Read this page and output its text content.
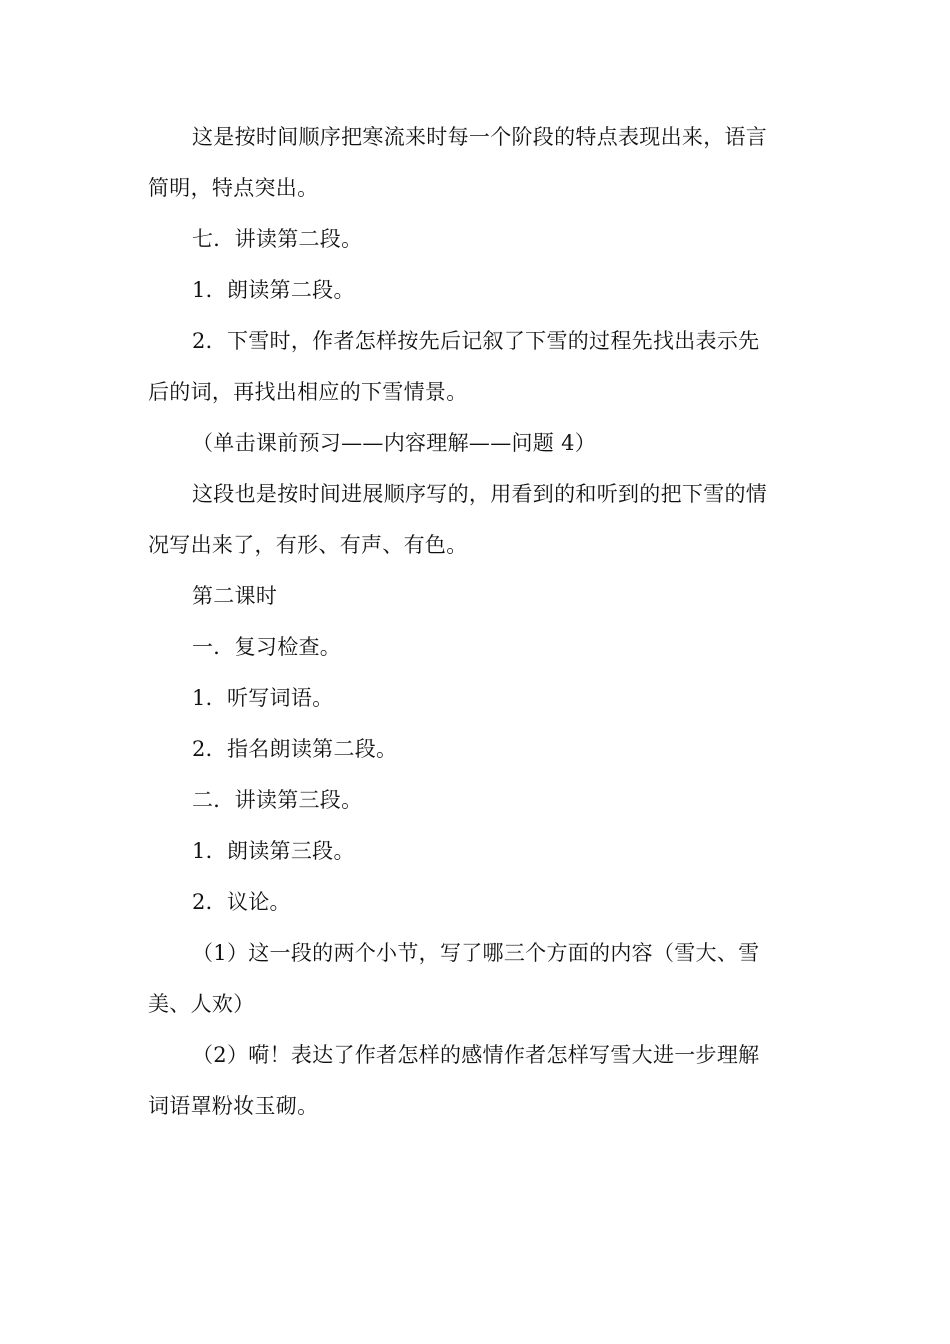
这是按时间顺序把寒流来时每一个阶段的特点表现出来，语言
简明，特点突出。

七．讲读第二段。

1．朗读第二段。

2．下雪时，作者怎样按先后记叙了下雪的过程先找出表示先
后的词，再找出相应的下雪情景。

（单击课前预习——内容理解——问题 4）

这段也是按时间进展顺序写的，用看到的和听到的把下雪的情
况写出来了，有形、有声、有色。

第二课时

一．复习检查。

1．听写词语。

2．指名朗读第二段。

二．讲读第三段。

1．朗读第三段。

2．议论。

（1）这一段的两个小节，写了哪三个方面的内容（雪大、雪
美、人欢）

（2）嗬！表达了作者怎样的感情作者怎样写雪大进一步理解
词语罩粉妆玉砌。
